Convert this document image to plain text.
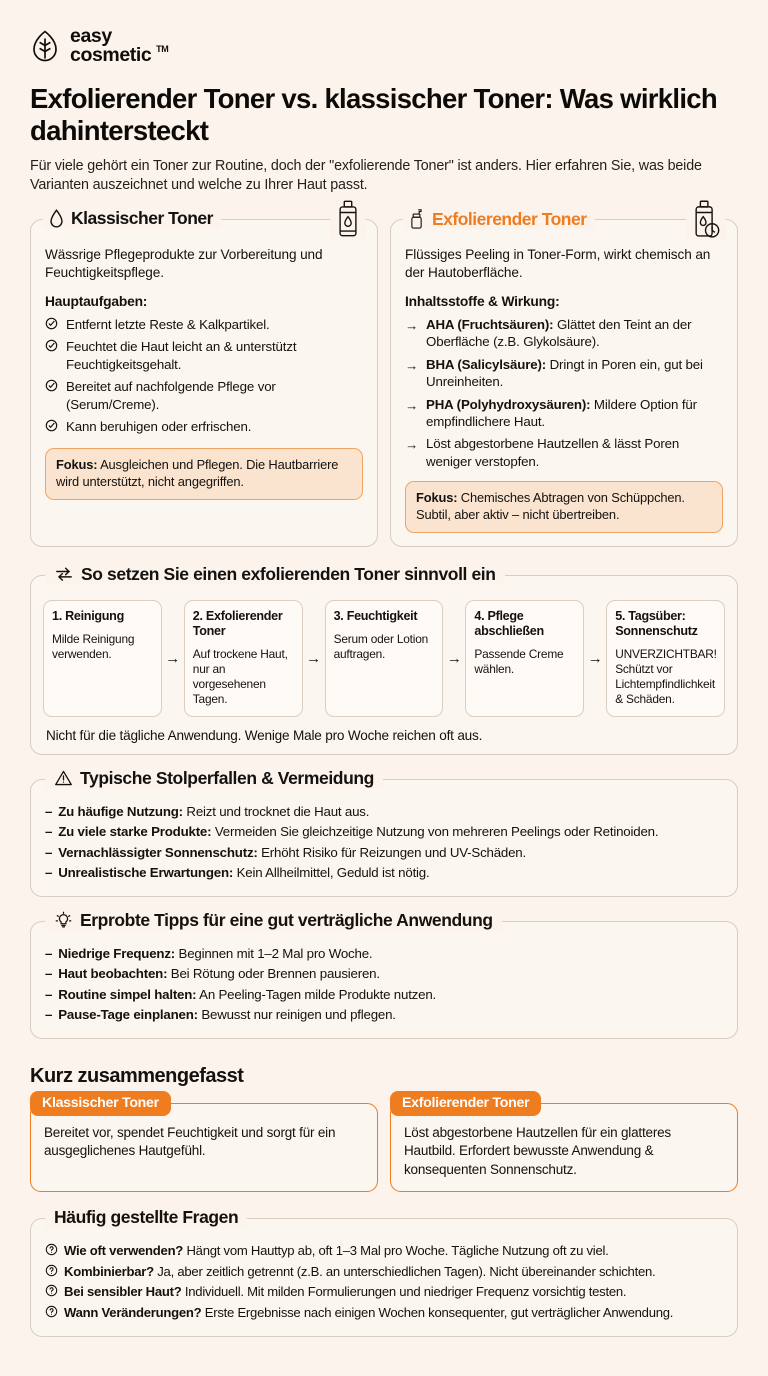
easy
cosmetic TM
Exfolierender Toner vs. klassischer Toner: Was wirklich dahintersteckt

Für viele gehört ein Toner zur Routine, doch der "exfolierende Toner" ist anders. Hier erfahren Sie, was beide Varianten auszeichnet und welche zu Ihrer Haut passt.

Klassischer Toner

Wässrige Pflegeprodukte zur Vorbereitung und Feuchtigkeitspflege.

Hauptaufgaben:
Entfernt letzte Reste & Kalkpartikel.
Feuchtet die Haut leicht an & unterstützt Feuchtigkeitsgehalt.
Bereitet auf nachfolgende Pflege vor (Serum/Creme).
Kann beruhigen oder erfrischen.
Fokus: Ausgleichen und Pflegen. Die Hautbarriere wird unterstützt, nicht angegriffen.
Exfolierender Toner

Flüssiges Peeling in Toner-Form, wirkt chemisch an der Hautoberfläche.

Inhaltsstoffe & Wirkung:
→ AHA (Fruchtsäuren): Glättet den Teint an der Oberfläche (z.B. Glykolsäure).
→ BHA (Salicylsäure): Dringt in Poren ein, gut bei Unreinheiten.
→ PHA (Polyhydroxysäuren): Mildere Option für empfindlichere Haut.
→ Löst abgestorbene Hautzellen & lässt Poren weniger verstopfen.
Fokus: Chemisches Abtragen von Schüppchen. Subtil, aber aktiv – nicht übertreiben.
So setzen Sie einen exfolierenden Toner sinnvoll ein
1. Reinigung
Milde Reinigung verwenden.	→
2. Exfolierender Toner
Auf trockene Haut, nur an vorgesehenen Tagen.
→
3. Feuchtigkeit
Serum oder Lotion auftragen.	→
4. Pflege abschließen
Passende Creme wählen.
→
5. Tagsüber: Sonnenschutz
UNVERZICHTBAR! Schützt vor Lichtempfindlichkeit & Schäden.
Nicht für die tägliche Anwendung. Wenige Male pro Woche reichen oft aus.
Typische Stolperfallen & Vermeidung
– Zu häufige Nutzung: Reizt und trocknet die Haut aus.
– Zu viele starke Produkte: Vermeiden Sie gleichzeitige Nutzung von mehreren Peelings oder Retinoiden.
– Vernachlässigter Sonnenschutz: Erhöht Risiko für Reizungen und UV-Schäden.
– Unrealistische Erwartungen: Kein Allheilmittel, Geduld ist nötig.
Erprobte Tipps für eine gut verträgliche Anwendung
– Niedrige Frequenz: Beginnen mit 1–2 Mal pro Woche.
– Haut beobachten: Bei Rötung oder Brennen pausieren.
– Routine simpel halten: An Peeling-Tagen milde Produkte nutzen.
– Pause-Tage einplanen: Bewusst nur reinigen und pflegen.
Kurz zusammengefasst
Klassischer Toner

Bereitet vor, spendet Feuchtigkeit und sorgt für ein ausgeglichenes Hautgefühl.

Exfolierender Toner

Löst abgestorbene Hautzellen für ein glatteres Hautbild. Erfordert bewusste Anwendung & konsequenten Sonnenschutz.

Häufig gestellte Fragen
Wie oft verwenden? Hängt vom Hauttyp ab, oft 1–3 Mal pro Woche. Tägliche Nutzung oft zu viel.
Kombinierbar? Ja, aber zeitlich getrennt (z.B. an unterschiedlichen Tagen). Nicht übereinander schichten.
Bei sensibler Haut? Individuell. Mit milden Formulierungen und niedriger Frequenz vorsichtig testen.
Wann Veränderungen? Erste Ergebnisse nach einigen Wochen konsequenter, gut verträglicher Anwendung.
